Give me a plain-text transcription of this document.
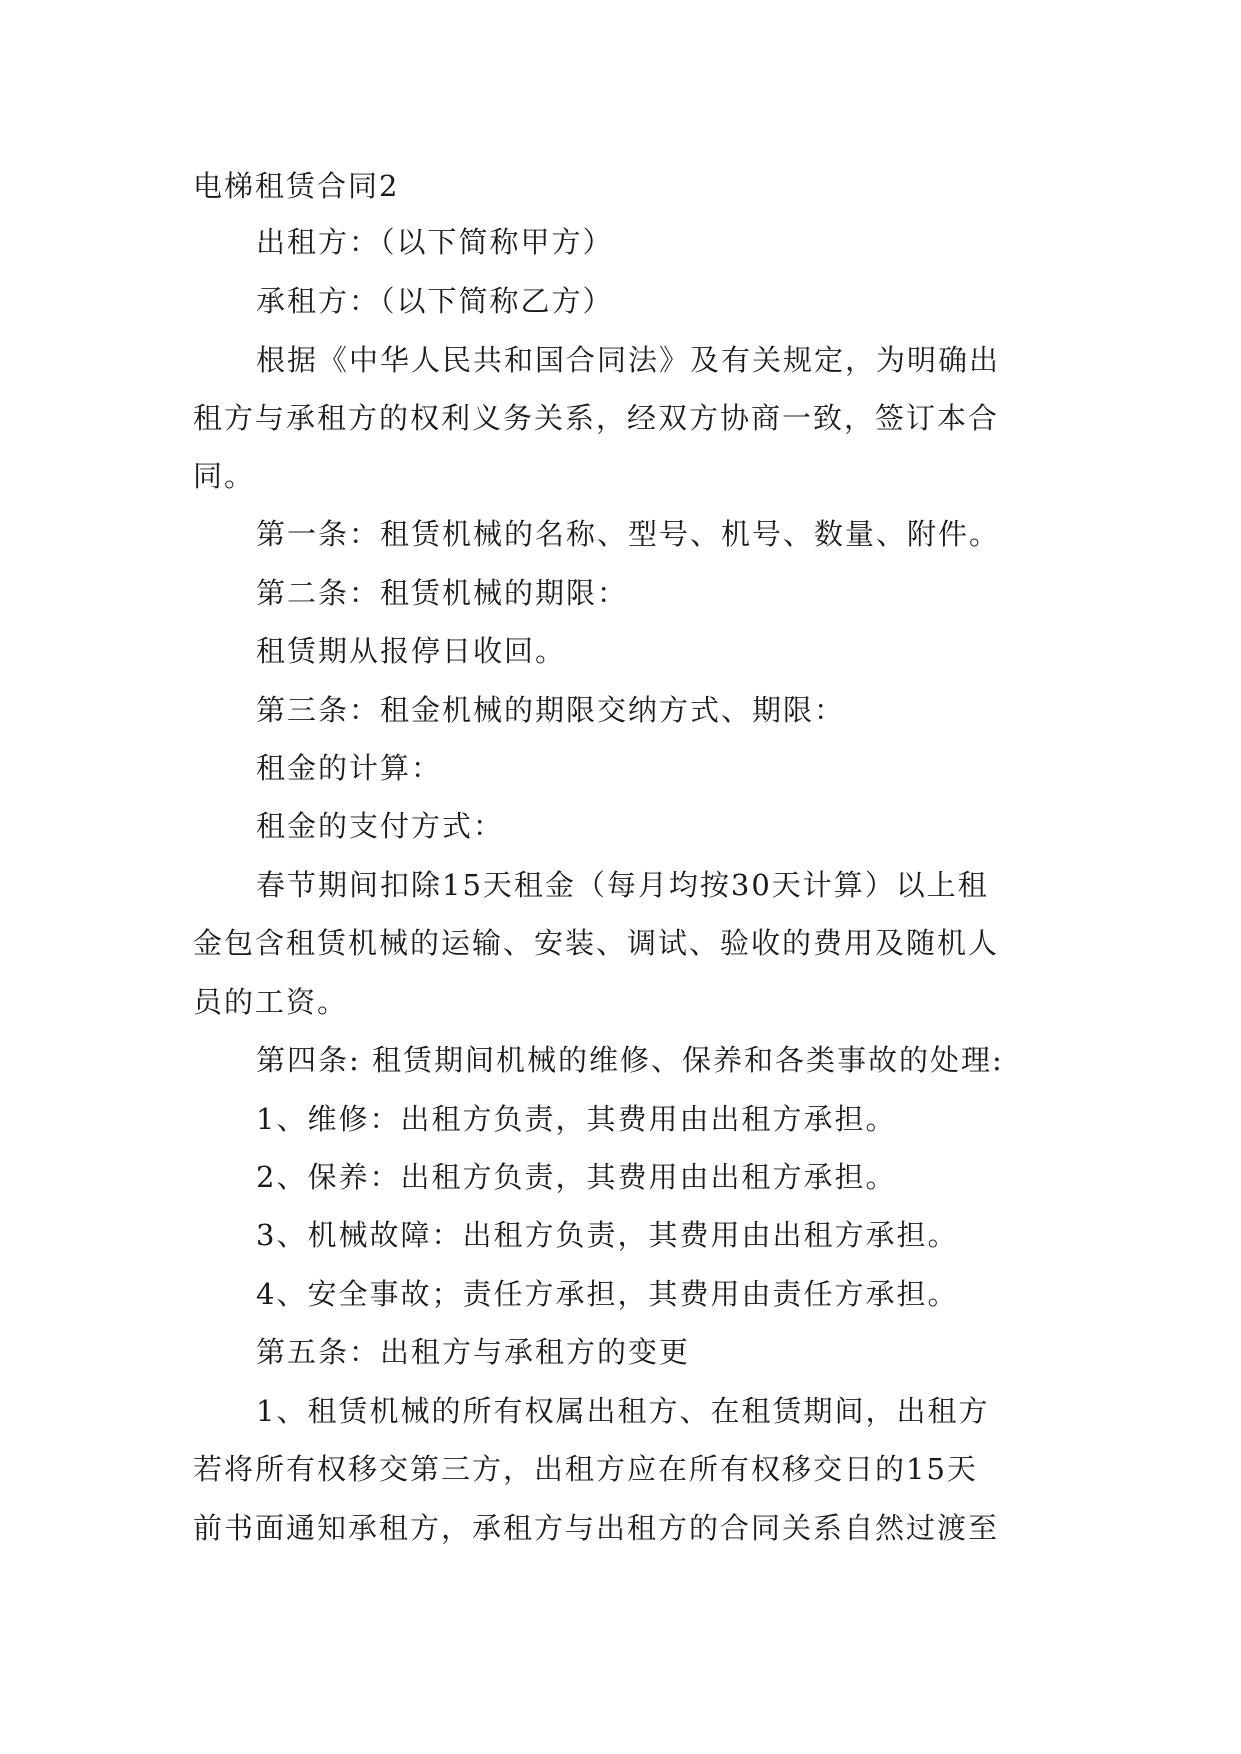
电梯租赁合同2
出租方：（以下简称甲方）
承租方：（以下简称乙方）
根据《中华人民共和国合同法》及有关规定，为明确出
租方与承租方的权利义务关系，经双方协商一致，签订本合
同。
第一条：租赁机械的名称、型号、机号、数量、附件。
第二条：租赁机械的期限：
租赁期从报停日收回。
第三条：租金机械的期限交纳方式、期限：
租金的计算：
租金的支付方式：
春节期间扣除15天租金（每月均按30天计算）以上租
金包含租赁机械的运输、安装、调试、验收的费用及随机人
员的工资。
第四条: 租赁期间机械的维修、保养和各类事故的处理:
1、维修：出租方负责，其费用由出租方承担。
2、保养：出租方负责，其费用由出租方承担。
3、机械故障：出租方负责，其费用由出租方承担。
4、安全事故；责任方承担，其费用由责任方承担。
第五条：出租方与承租方的变更
1、租赁机械的所有权属出租方、在租赁期间，出租方
若将所有权移交第三方，出租方应在所有权移交日的15天
前书面通知承租方，承租方与出租方的合同关系自然过渡至
